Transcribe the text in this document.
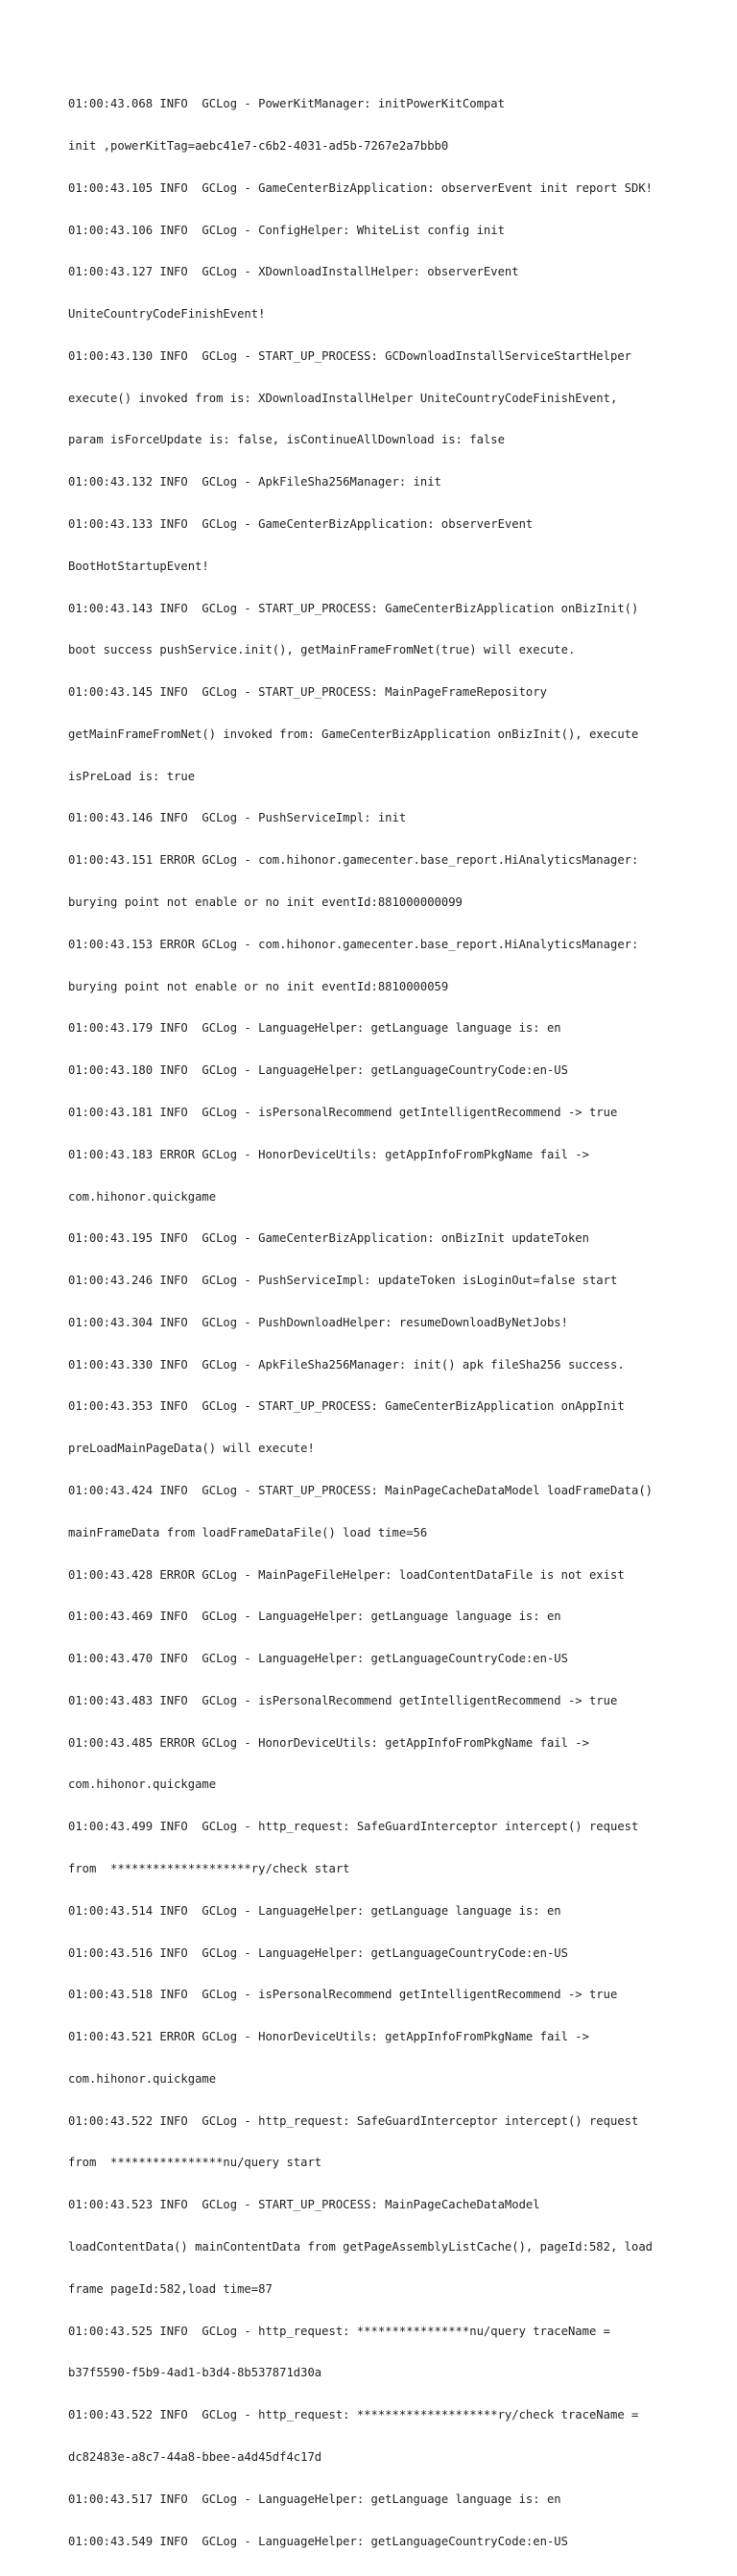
01:00:43.068 INFO  GCLog - PowerKitManager: initPowerKitCompat

init ,powerKitTag=aebc41e7-c6b2-4031-ad5b-7267e2a7bbb0

01:00:43.105 INFO  GCLog - GameCenterBizApplication: observerEvent init report SDK!

01:00:43.106 INFO  GCLog - ConfigHelper: WhiteList config init

01:00:43.127 INFO  GCLog - XDownloadInstallHelper: observerEvent

UniteCountryCodeFinishEvent!

01:00:43.130 INFO  GCLog - START_UP_PROCESS: GCDownloadInstallServiceStartHelper

execute() invoked from is: XDownloadInstallHelper UniteCountryCodeFinishEvent,

param isForceUpdate is: false, isContinueAllDownload is: false

01:00:43.132 INFO  GCLog - ApkFileSha256Manager: init

01:00:43.133 INFO  GCLog - GameCenterBizApplication: observerEvent

BootHotStartupEvent!

01:00:43.143 INFO  GCLog - START_UP_PROCESS: GameCenterBizApplication onBizInit()

boot success pushService.init(), getMainFrameFromNet(true) will execute.

01:00:43.145 INFO  GCLog - START_UP_PROCESS: MainPageFrameRepository

getMainFrameFromNet() invoked from: GameCenterBizApplication onBizInit(), execute

isPreLoad is: true

01:00:43.146 INFO  GCLog - PushServiceImpl: init

01:00:43.151 ERROR GCLog - com.hihonor.gamecenter.base_report.HiAnalyticsManager:

burying point not enable or no init eventId:881000000099

01:00:43.153 ERROR GCLog - com.hihonor.gamecenter.base_report.HiAnalyticsManager:

burying point not enable or no init eventId:8810000059

01:00:43.179 INFO  GCLog - LanguageHelper: getLanguage language is: en

01:00:43.180 INFO  GCLog - LanguageHelper: getLanguageCountryCode:en-US

01:00:43.181 INFO  GCLog - isPersonalRecommend getIntelligentRecommend -> true

01:00:43.183 ERROR GCLog - HonorDeviceUtils: getAppInfoFromPkgName fail ->

com.hihonor.quickgame

01:00:43.195 INFO  GCLog - GameCenterBizApplication: onBizInit updateToken

01:00:43.246 INFO  GCLog - PushServiceImpl: updateToken isLoginOut=false start

01:00:43.304 INFO  GCLog - PushDownloadHelper: resumeDownloadByNetJobs!

01:00:43.330 INFO  GCLog - ApkFileSha256Manager: init() apk fileSha256 success.

01:00:43.353 INFO  GCLog - START_UP_PROCESS: GameCenterBizApplication onAppInit

preLoadMainPageData() will execute!

01:00:43.424 INFO  GCLog - START_UP_PROCESS: MainPageCacheDataModel loadFrameData()

mainFrameData from loadFrameDataFile() load time=56

01:00:43.428 ERROR GCLog - MainPageFileHelper: loadContentDataFile is not exist

01:00:43.469 INFO  GCLog - LanguageHelper: getLanguage language is: en

01:00:43.470 INFO  GCLog - LanguageHelper: getLanguageCountryCode:en-US

01:00:43.483 INFO  GCLog - isPersonalRecommend getIntelligentRecommend -> true

01:00:43.485 ERROR GCLog - HonorDeviceUtils: getAppInfoFromPkgName fail ->

com.hihonor.quickgame

01:00:43.499 INFO  GCLog - http_request: SafeGuardInterceptor intercept() request

from  ********************ry/check start

01:00:43.514 INFO  GCLog - LanguageHelper: getLanguage language is: en

01:00:43.516 INFO  GCLog - LanguageHelper: getLanguageCountryCode:en-US

01:00:43.518 INFO  GCLog - isPersonalRecommend getIntelligentRecommend -> true

01:00:43.521 ERROR GCLog - HonorDeviceUtils: getAppInfoFromPkgName fail ->

com.hihonor.quickgame

01:00:43.522 INFO  GCLog - http_request: SafeGuardInterceptor intercept() request

from  ****************nu/query start

01:00:43.523 INFO  GCLog - START_UP_PROCESS: MainPageCacheDataModel

loadContentData() mainContentData from getPageAssemblyListCache(), pageId:582, load

frame pageId:582,load time=87

01:00:43.525 INFO  GCLog - http_request: ****************nu/query traceName =

b37f5590-f5b9-4ad1-b3d4-8b537871d30a

01:00:43.522 INFO  GCLog - http_request: ********************ry/check traceName =

dc82483e-a8c7-44a8-bbee-a4d45df4c17d

01:00:43.517 INFO  GCLog - LanguageHelper: getLanguage language is: en

01:00:43.549 INFO  GCLog - LanguageHelper: getLanguageCountryCode:en-US
